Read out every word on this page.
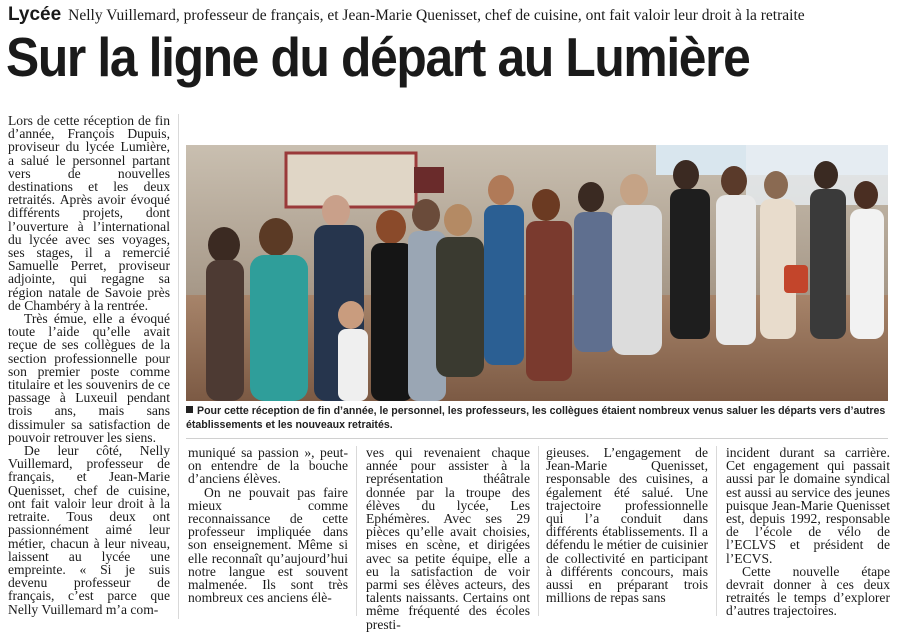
Lycée Nelly Vuillemard, professeur de français, et Jean-Marie Quenisset, chef de cuisine, ont fait valoir leur droit à la retraite
Sur la ligne du départ au Lumière

Lors de cette réception de fin d’année, François Dupuis, proviseur du lycée Lumière, a salué le personnel partant vers de nouvelles destinations et les deux retraités. Après avoir évoqué différents projets, dont l’ouverture à l’international du lycée avec ses voyages, ses stages, il a remercié Samuelle Perret, proviseur adjointe, qui regagne sa région natale de Savoie près de Chambéry à la rentrée.

Très émue, elle a évoqué toute l’aide qu’elle avait reçue de ses collègues de la section professionnelle pour son premier poste comme titulaire et les souvenirs de ce passage à Luxeuil pendant trois ans, mais sans dissimuler sa satisfaction de pouvoir retrouver les siens.

De leur côté, Nelly Vuillemard, professeur de français, et Jean-Marie Quenisset, chef de cuisine, ont fait valoir leur droit à la retraite. Tous deux ont passionnément aimé leur métier, chacun à leur niveau, laissent au lycée une empreinte. « Si je suis devenu professeur de français, c’est parce que Nelly Vuillemard m’a com-

Pour cette réception de fin d’année, le personnel, les professeurs, les collègues étaient nombreux venus saluer les départs vers d’autres établissements et les nouveaux retraités.

muniqué sa passion », peut-on entendre de la bouche d’anciens élèves.

On ne pouvait pas faire mieux comme reconnaissance de cette professeur impliquée dans son enseignement. Même si elle reconnaît qu’aujourd’hui notre langue est souvent malmenée. Ils sont très nombreux ces anciens élè-

ves qui revenaient chaque année pour assister à la représentation théâtrale donnée par la troupe des élèves du lycée, Les Ephémères. Avec ses 29 pièces qu’elle avait choisies, mises en scène, et dirigées avec sa petite équipe, elle a eu la satisfaction de voir parmi ses élèves acteurs, des talents naissants. Certains ont même fréquenté des écoles presti-

gieuses. L’engagement de Jean-Marie Quenisset, responsable des cuisines, a également été salué. Une trajectoire professionnelle qui l’a conduit dans différents établissements. Il a défendu le métier de cuisinier de collectivité en participant à différents concours, mais aussi en préparant trois millions de repas sans

incident durant sa carrière. Cet engagement qui passait aussi par le domaine syndical est aussi au service des jeunes puisque Jean-Marie Quenisset est, depuis 1992, responsable de l’école de vélo de l’ECLVS et président de l’ECVS.

Cette nouvelle étape devrait donner à ces deux retraités le temps d’explorer d’autres trajectoires.
